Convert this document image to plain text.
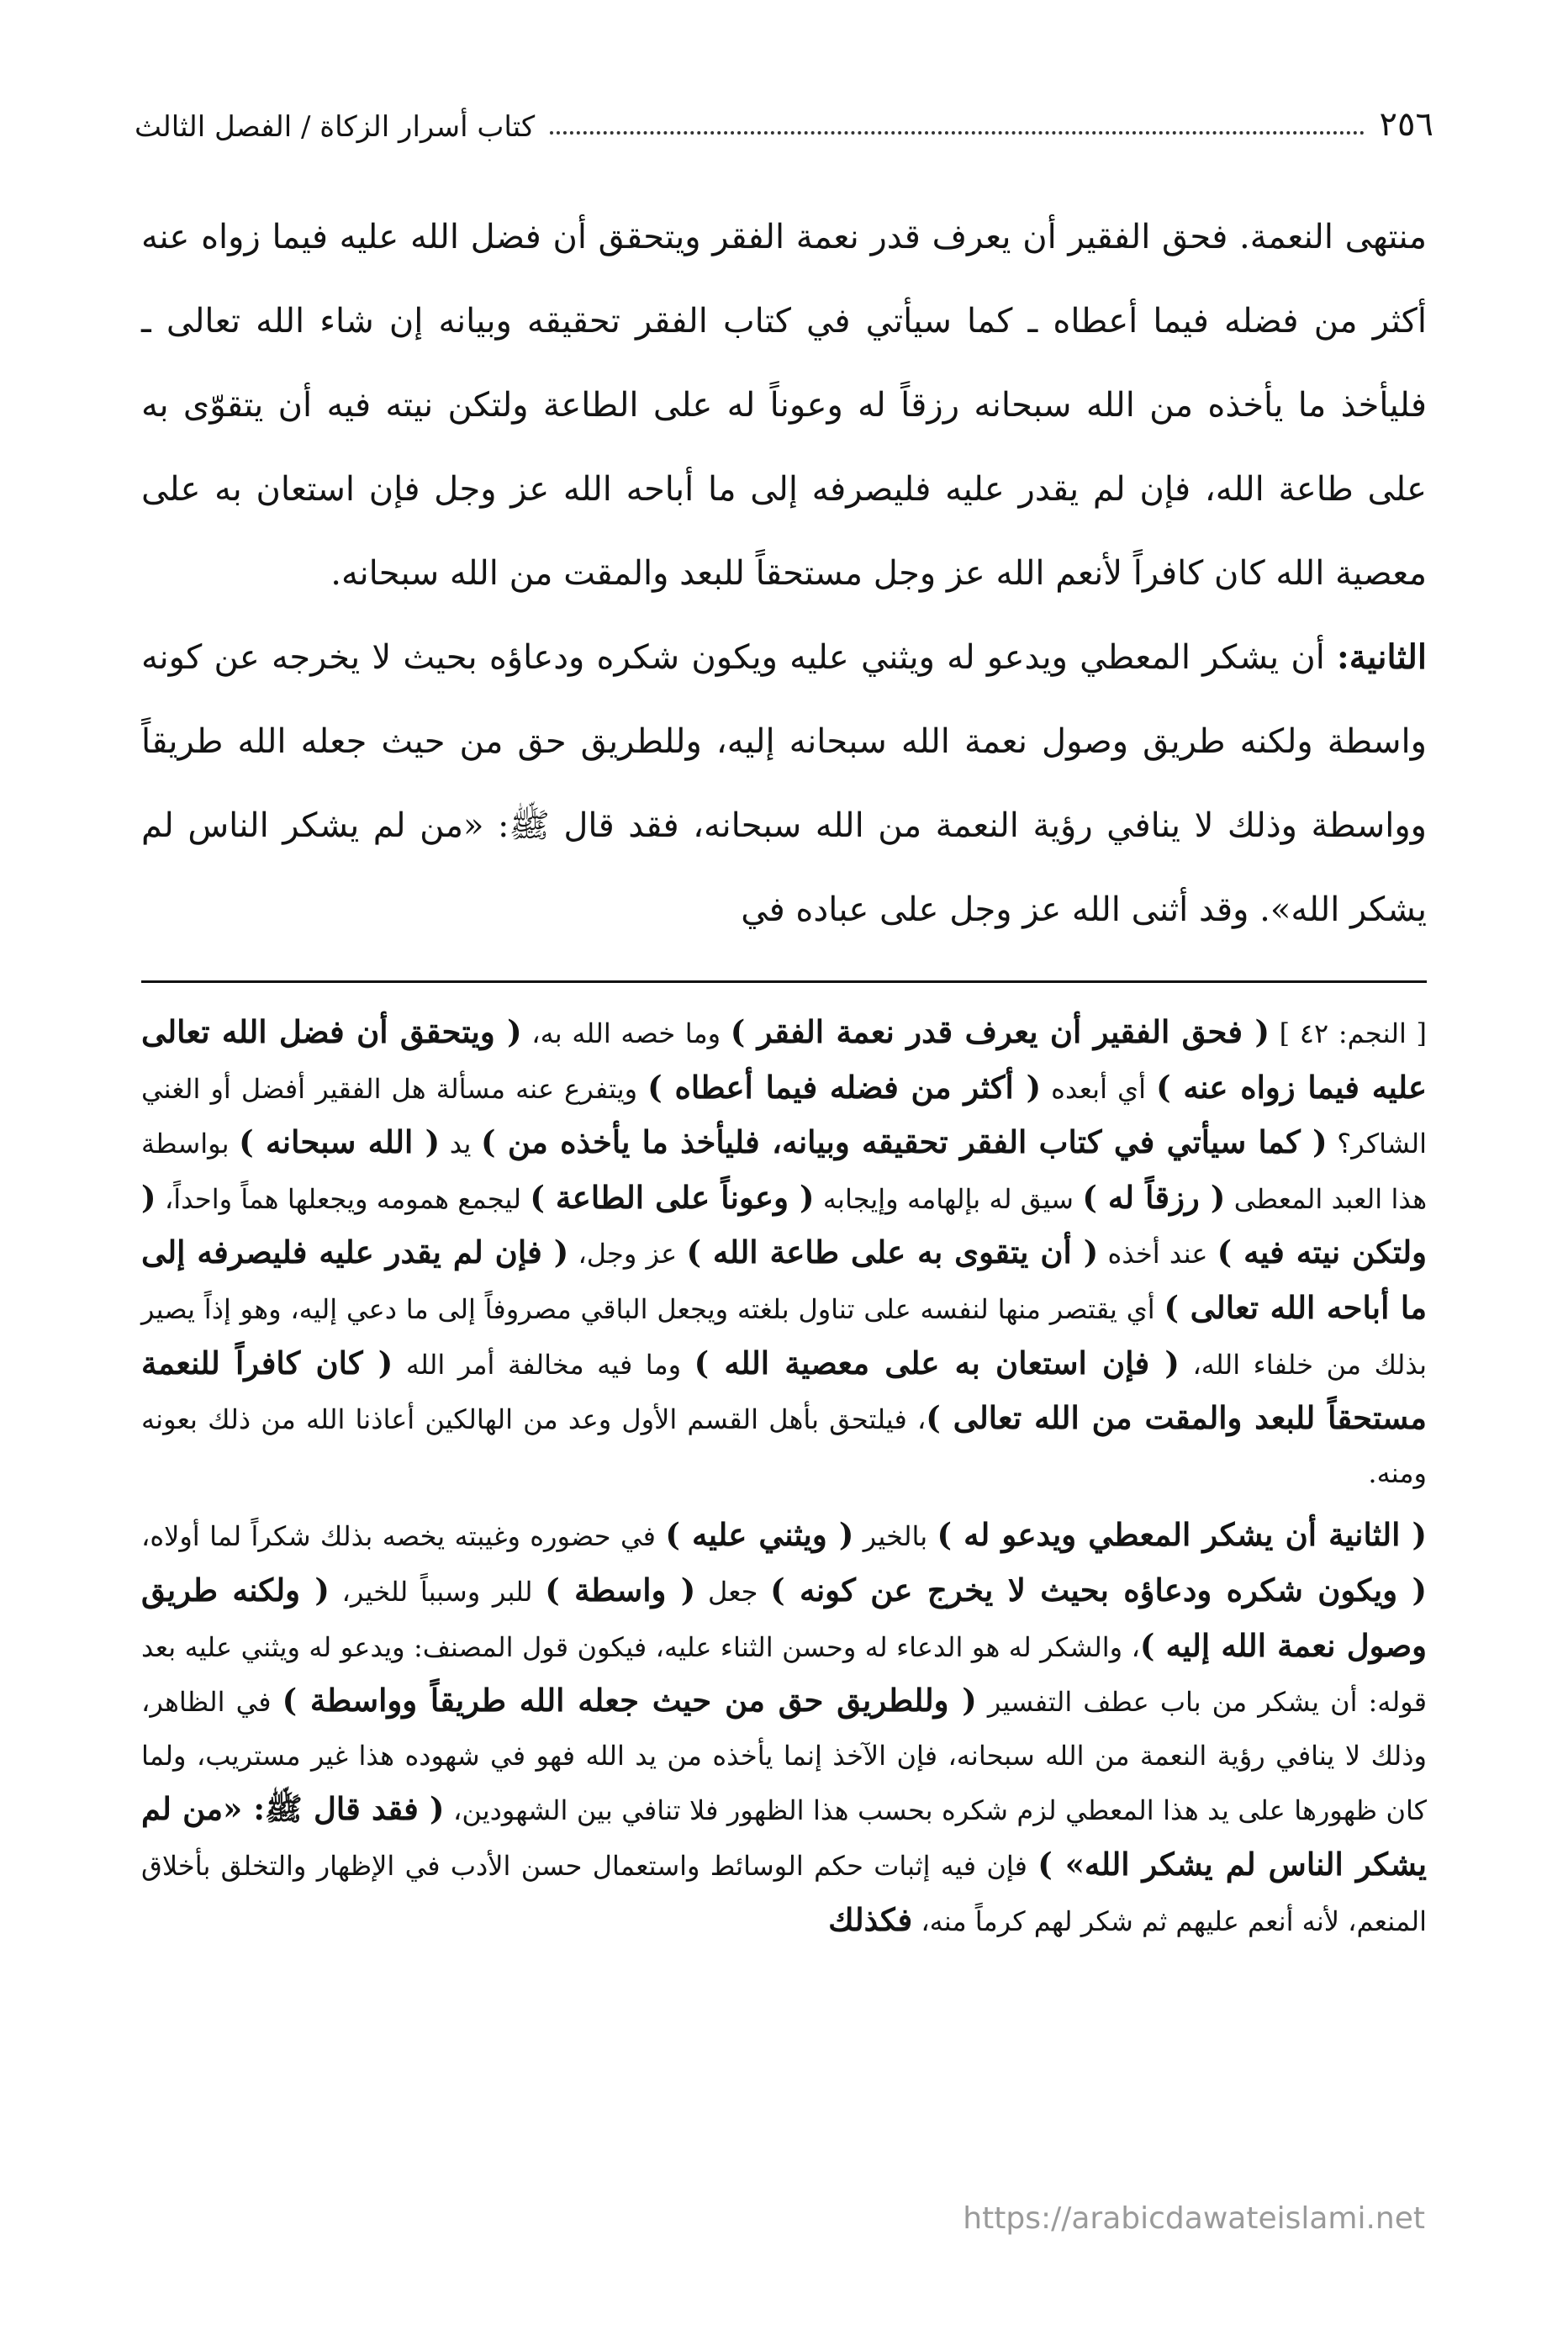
٢٥٦
كتاب أسرار الزكاة / الفصل الثالث

منتهى النعمة. فحق الفقير أن يعرف قدر نعمة الفقر ويتحقق أن فضل الله عليه فيما زواه عنه أكثر من فضله فيما أعطاه ـ كما سيأتي في كتاب الفقر تحقيقه وبيانه إن شاء الله تعالى ـ فليأخذ ما يأخذه من الله سبحانه رزقاً له وعوناً له على الطاعة ولتكن نيته فيه أن يتقوّى به على طاعة الله، فإن لم يقدر عليه فليصرفه إلى ما أباحه الله عز وجل فإن استعان به على معصية الله كان كافراً لأنعم الله عز وجل مستحقاً للبعد والمقت من الله سبحانه.

الثانية: أن يشكر المعطي ويدعو له ويثني عليه ويكون شكره ودعاؤه بحيث لا يخرجه عن كونه واسطة ولكنه طريق وصول نعمة الله سبحانه إليه، وللطريق حق من حيث جعله الله طريقاً وواسطة وذلك لا ينافي رؤية النعمة من الله سبحانه، فقد قال ﷺ: «من لم يشكر الناس لم يشكر الله». وقد أثنى الله عز وجل على عباده في

[ النجم: ٤٢ ] ( فحق الفقير أن يعرف قدر نعمة الفقر ) وما خصه الله به، ( ويتحقق أن فضل الله تعالى عليه فيما زواه عنه ) أي أبعده ( أكثر من فضله فيما أعطاه ) ويتفرع عنه مسألة هل الفقير أفضل أو الغني الشاكر؟ ( كما سيأتي في كتاب الفقر تحقيقه وبيانه، فليأخذ ما يأخذه من ) يد ( الله سبحانه ) بواسطة هذا العبد المعطى ( رزقاً له ) سيق له بإلهامه وإيجابه ( وعوناً على الطاعة ) ليجمع همومه ويجعلها هماً واحداً، ( ولتكن نيته فيه ) عند أخذه ( أن يتقوى به على طاعة الله ) عز وجل، ( فإن لم يقدر عليه فليصرفه إلى ما أباحه الله تعالى ) أي يقتصر منها لنفسه على تناول بلغته ويجعل الباقي مصروفاً إلى ما دعي إليه، وهو إذاً يصير بذلك من خلفاء الله، ( فإن استعان به على معصية الله ) وما فيه مخالفة أمر الله ( كان كافراً للنعمة مستحقاً للبعد والمقت من الله تعالى )، فيلتحق بأهل القسم الأول وعد من الهالكين أعاذنا الله من ذلك بعونه ومنه.

( الثانية أن يشكر المعطي ويدعو له ) بالخير ( ويثني عليه ) في حضوره وغيبته يخصه بذلك شكراً لما أولاه، ( ويكون شكره ودعاؤه بحيث لا يخرج عن كونه ) جعل ( واسطة ) للبر وسبباً للخير، ( ولكنه طريق وصول نعمة الله إليه )، والشكر له هو الدعاء له وحسن الثناء عليه، فيكون قول المصنف: ويدعو له ويثني عليه بعد قوله: أن يشكر من باب عطف التفسير ( وللطريق حق من حيث جعله الله طريقاً وواسطة ) في الظاهر، وذلك لا ينافي رؤية النعمة من الله سبحانه، فإن الآخذ إنما يأخذه من يد الله فهو في شهوده هذا غير مستريب، ولما كان ظهورها على يد هذا المعطي لزم شكره بحسب هذا الظهور فلا تنافي بين الشهودين، ( فقد قال ﷺ: «من لم يشكر الناس لم يشكر الله» ) فإن فيه إثبات حكم الوسائط واستعمال حسن الأدب في الإظهار والتخلق بأخلاق المنعم، لأنه أنعم عليهم ثم شكر لهم كرماً منه، فكذلك

https://arabicdawateislami.net
